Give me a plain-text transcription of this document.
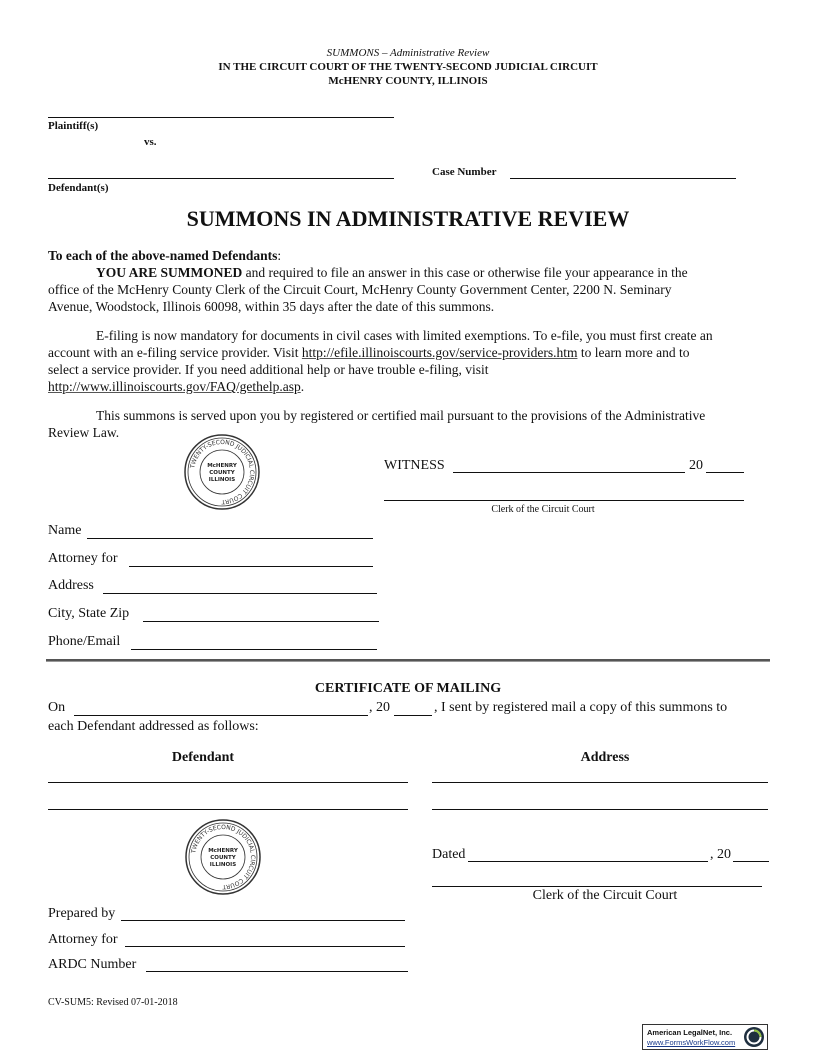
SUMMONS – Administrative Review
IN THE CIRCUIT COURT OF THE TWENTY-SECOND JUDICIAL CIRCUIT
McHENRY COUNTY, ILLINOIS
Plaintiff(s)
vs.
Defendant(s)
Case Number
SUMMONS IN ADMINISTRATIVE REVIEW
To each of the above-named Defendants:
YOU ARE SUMMONED and required to file an answer in this case or otherwise file your appearance in the
office of the McHenry County Clerk of the Circuit Court, McHenry County Government Center, 2200 N. Seminary
Avenue, Woodstock, Illinois 60098, within 35 days after the date of this summons.
E-filing is now mandatory for documents in civil cases with limited exemptions. To e-file, you must first create an
account with an e-filing service provider. Visit http://efile.illinoiscourts.gov/service-providers.htm to learn more and to
select a service provider. If you need additional help or have trouble e-filing, visit
http://www.illinoiscourts.gov/FAQ/gethelp.asp.
This summons is served upon you by registered or certified mail pursuant to the provisions of the Administrative
Review Law.
TWENTY-SECOND JUDICIAL CIRCUIT COURT
McHENRY
COUNTY
ILLINOIS
WITNESS	20
Clerk of the Circuit Court
Name
Attorney for
Address
City, State Zip
Phone/Email
CERTIFICATE OF MAILING
On	, 20	, I sent by registered mail a copy of this summons to
each Defendant addressed as follows:
Defendant	Address
TWENTY-SECOND JUDICIAL CIRCUIT COURT
McHENRY
COUNTY
ILLINOIS
Dated	, 20
Clerk of the Circuit Court
Prepared by
Attorney for
ARDC Number
CV-SUM5: Revised 07-01-2018
American LegalNet, Inc.
www.FormsWorkFlow.com
